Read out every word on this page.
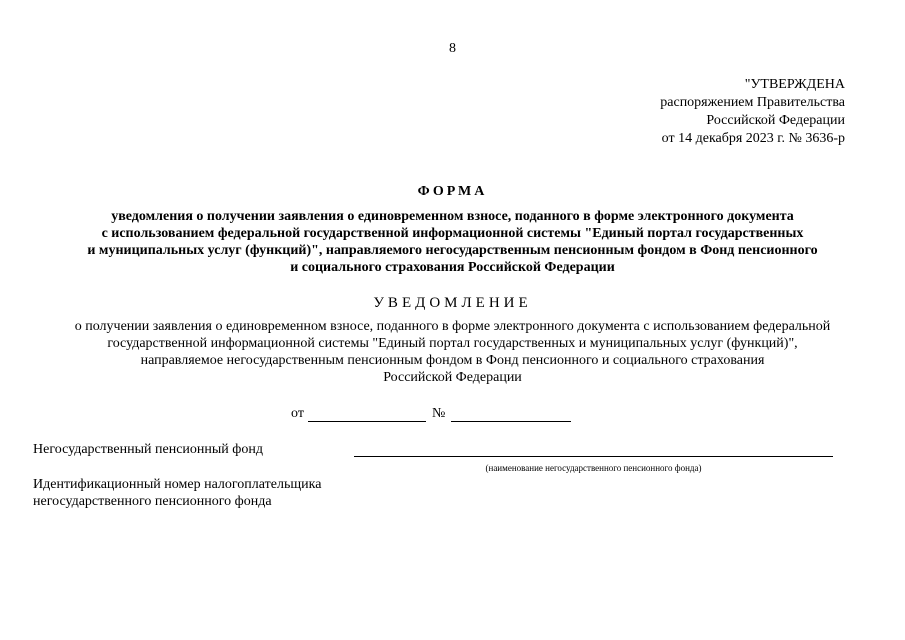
8
"УТВЕРЖДЕНА
распоряжением Правительства
Российской Федерации
от 14 декабря 2023 г. № 3636-р
ФОРМА
уведомления о получении заявления о единовременном взносе, поданного в форме электронного документа
с использованием федеральной государственной информационной системы "Единый портал государственных
и муниципальных услуг (функций)", направляемого негосударственным пенсионным фондом в Фонд пенсионного
и социального страхования Российской Федерации
УВЕДОМЛЕНИЕ
о получении заявления о единовременном взносе, поданного в форме электронного документа с использованием федеральной
государственной информационной системы "Единый портал государственных и муниципальных услуг (функций)",
направляемое негосударственным пенсионным фондом в Фонд пенсионного и социального страхования
Российской Федерации
от	№
Негосударственный пенсионный фонд
(наименование негосударственного пенсионного фонда)
Идентификационный номер налогоплательщика
негосударственного пенсионного фонда
